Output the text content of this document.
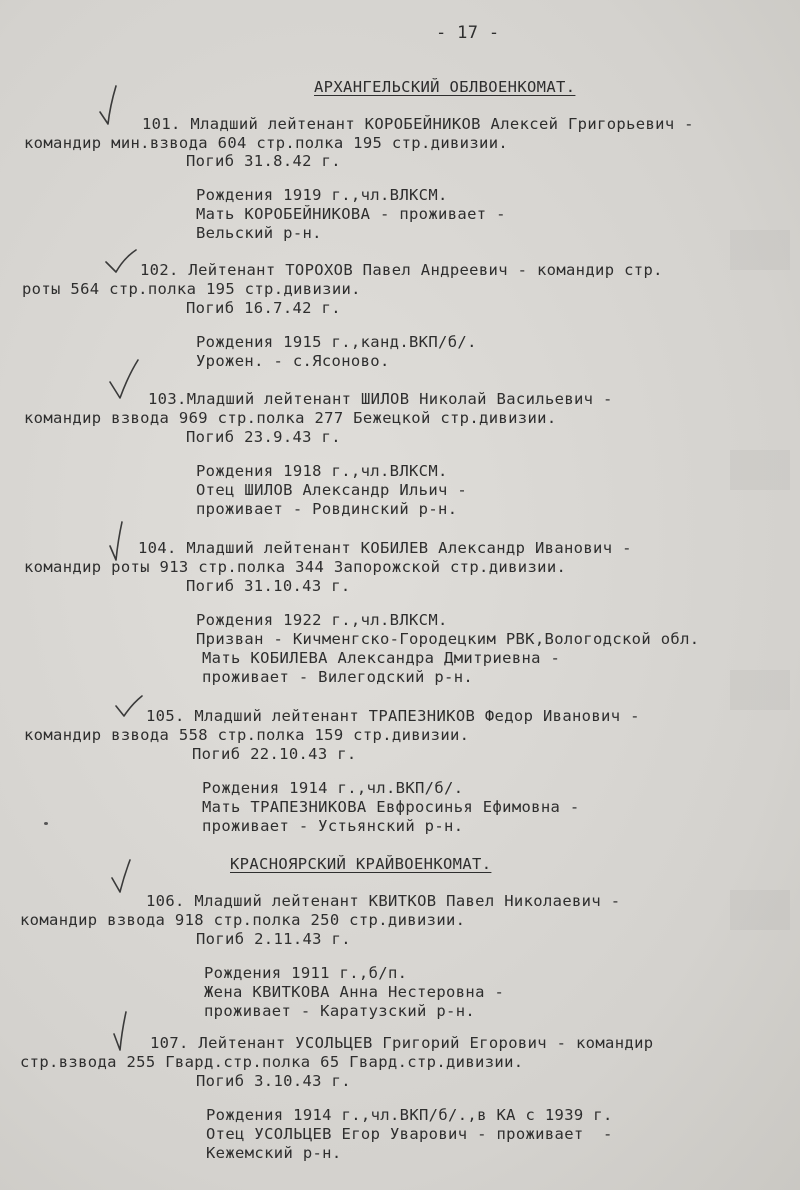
- 17 -
АРХАНГЕЛЬСКИЙ ОБЛВОЕНКОМАТ.
101. Младший лейтенант КОРОБЕЙНИКОВ Алексей Григорьевич -
командир мин.взвода 604 стр.полка 195 стр.дивизии.
Погиб 31.8.42 г.
Рождения 1919 г.,чл.ВЛКСМ.
Мать КОРОБЕЙНИКОВА - проживает -
Вельский р-н.
102. Лейтенант ТОРОХОВ Павел Андреевич - командир стр.
роты 564 стр.полка 195 стр.дивизии.
Погиб 16.7.42 г.
Рождения 1915 г.,канд.ВКП/б/.
Урожен. - с.Ясоново.
103.Младший лейтенант ШИЛОВ Николай Васильевич -
командир взвода 969 стр.полка 277 Бежецкой стр.дивизии.
Погиб 23.9.43 г.
Рождения 1918 г.,чл.ВЛКСМ.
Отец ШИЛОВ Александр Ильич -
проживает - Ровдинский р-н.
104. Младший лейтенант КОБИЛЕВ Александр Иванович -
командир роты 913 стр.полка 344 Запорожской стр.дивизии.
Погиб 31.10.43 г.
Рождения 1922 г.,чл.ВЛКСМ.
Призван - Кичменгско-Городецким РВК,Вологодской обл.
Мать КОБИЛЕВА Александра Дмитриевна -
проживает - Вилегодский р-н.
105. Младший лейтенант ТРАПЕЗНИКОВ Федор Иванович -
командир взвода 558 стр.полка 159 стр.дивизии.
Погиб 22.10.43 г.
Рождения 1914 г.,чл.ВКП/б/.
Мать ТРАПЕЗНИКОВА Евфросинья Ефимовна -
проживает - Устьянский р-н.
КРАСНОЯРСКИЙ КРАЙВОЕНКОМАТ.
106. Младший лейтенант КВИТКОВ Павел Николаевич -
командир взвода 918 стр.полка 250 стр.дивизии.
Погиб 2.11.43 г.
Рождения 1911 г.,б/п.
Жена КВИТКОВА Анна Нестеровна -
проживает - Каратузский р-н.
107. Лейтенант УСОЛЬЦЕВ Григорий Егорович - командир
стр.взвода 255 Гвард.стр.полка 65 Гвард.стр.дивизии.
Погиб 3.10.43 г.
Рождения 1914 г.,чл.ВКП/б/.,в КА с 1939 г.
Отец УСОЛЬЦЕВ Егор Уварович - проживает  -
Кежемский р-н.
